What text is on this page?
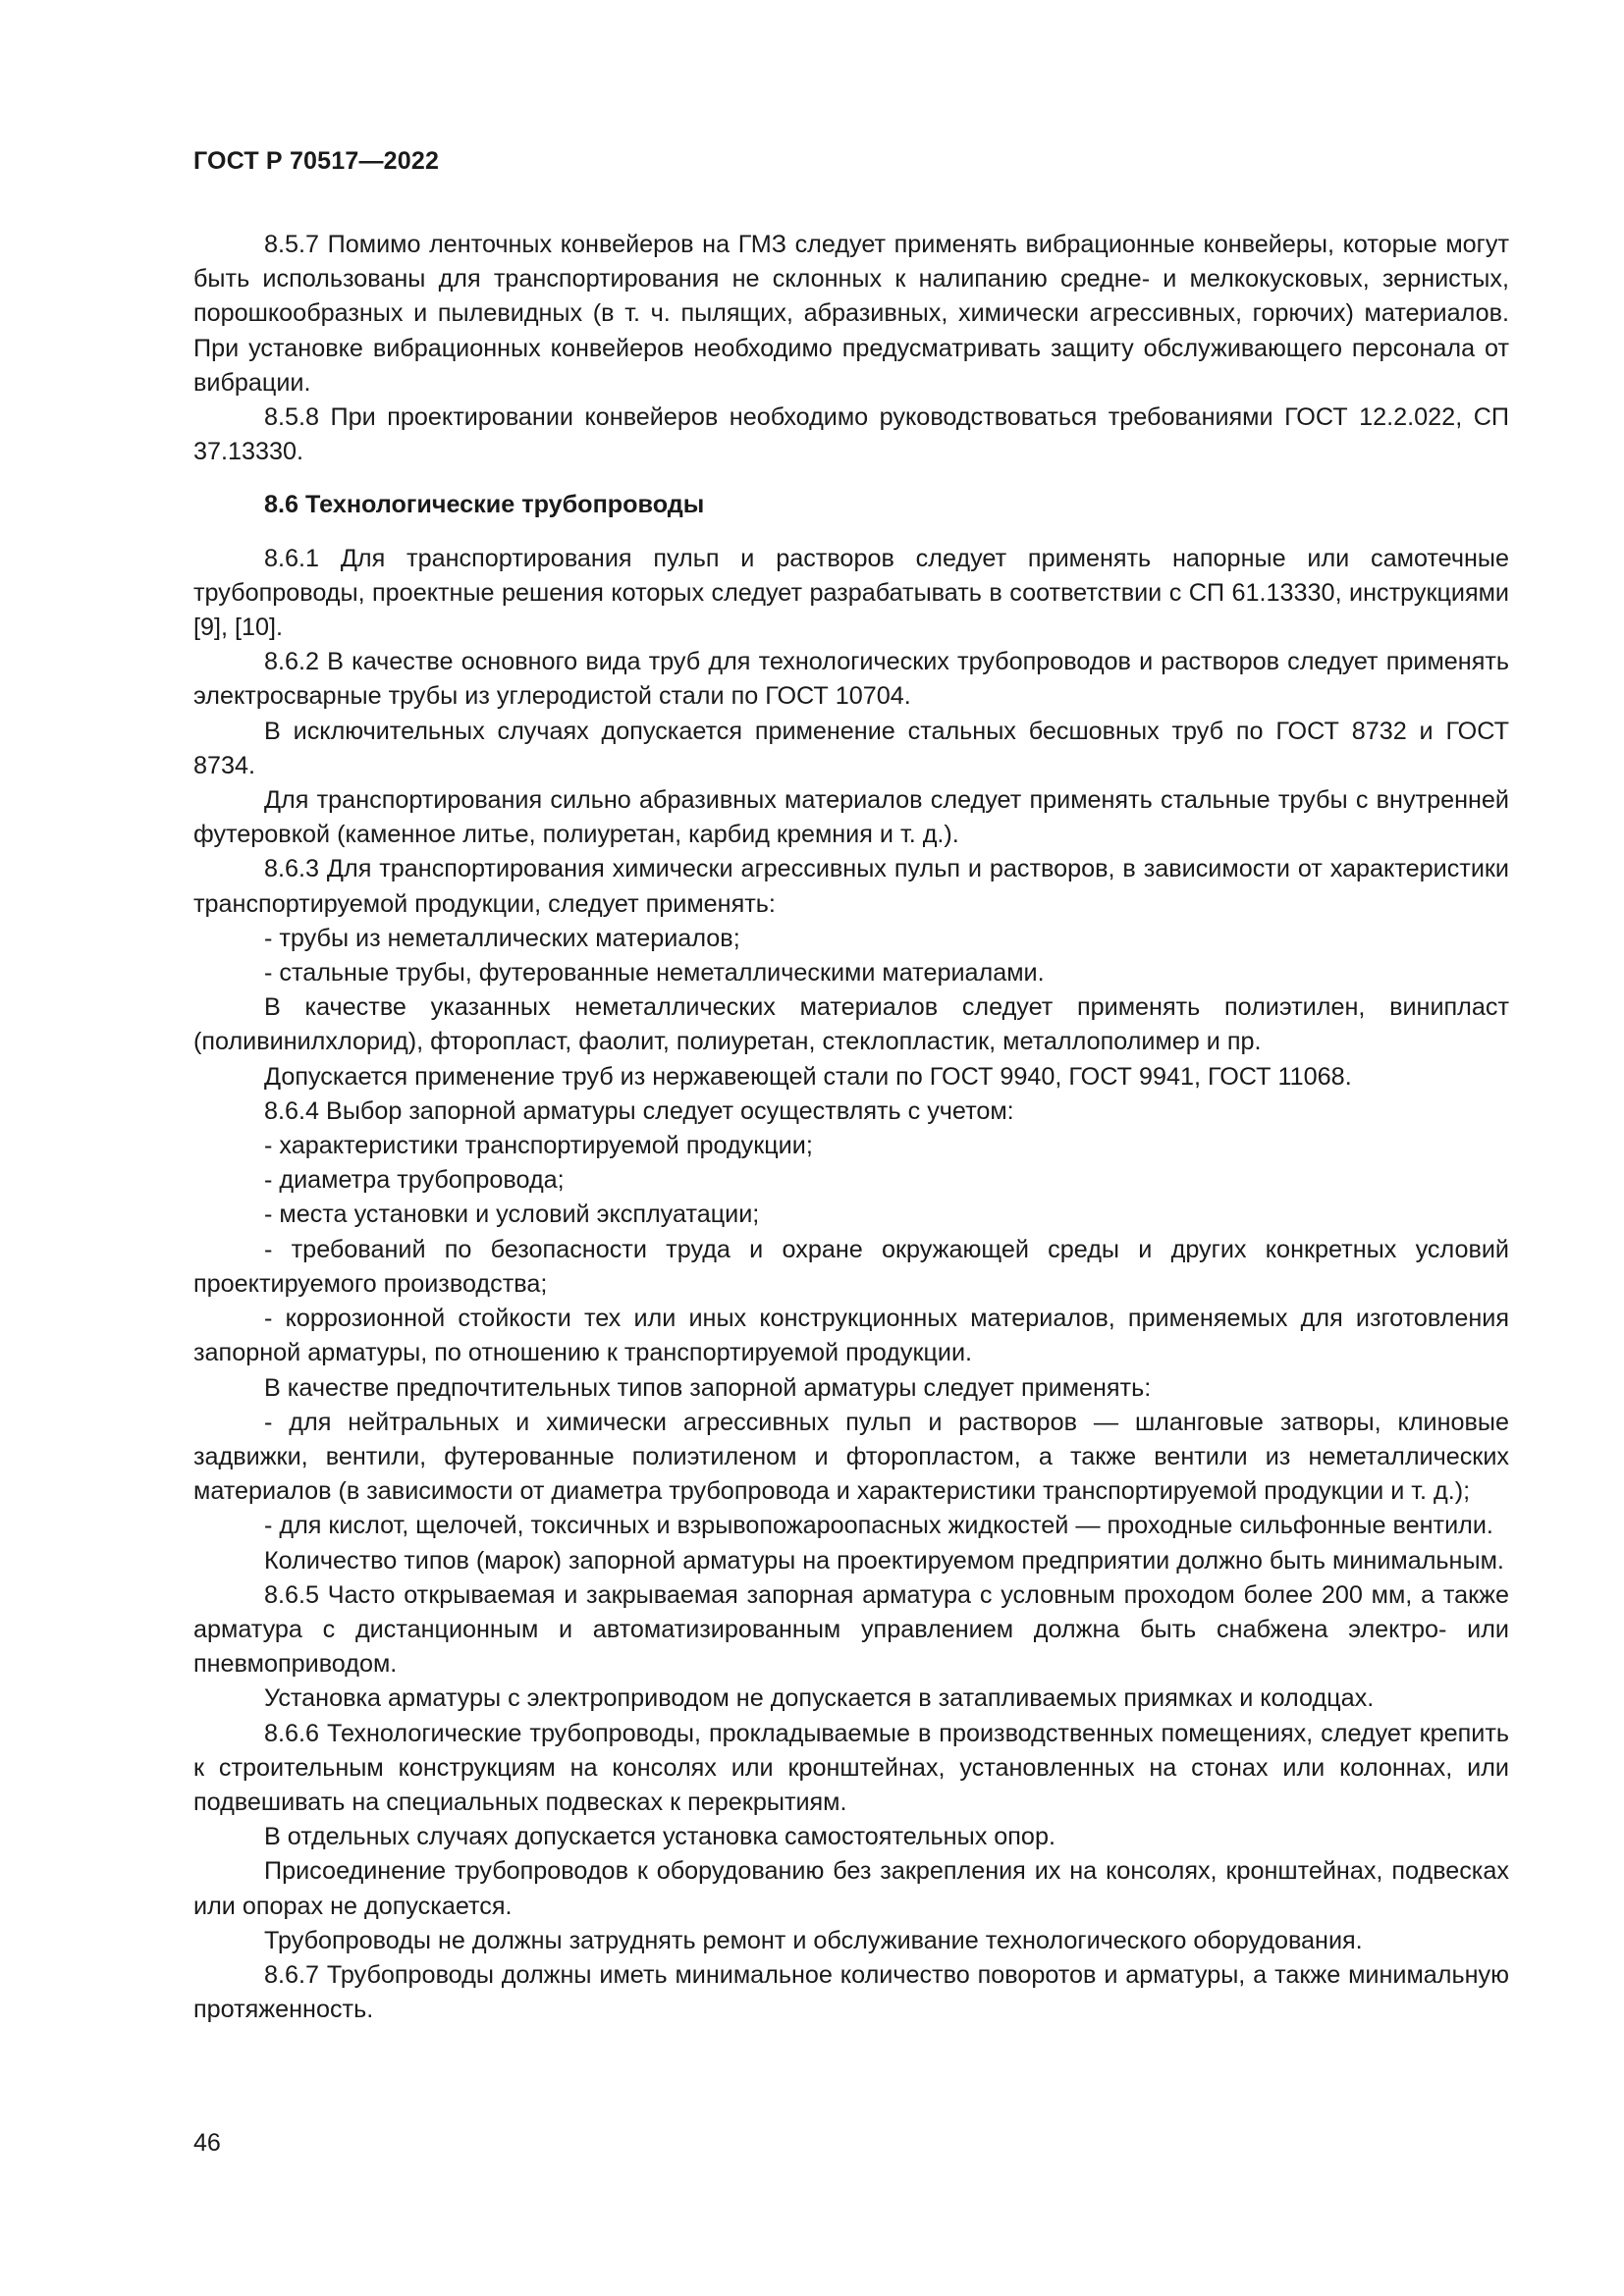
ГОСТ Р 70517—2022

8.5.7 Помимо ленточных конвейеров на ГМЗ следует применять вибрационные конвейеры, которые могут быть использованы для транспортирования не склонных к налипанию средне- и мелкокусковых, зернистых, порошкообразных и пылевидных (в т. ч. пылящих, абразивных, химически агрессивных, горючих) материалов. При установке вибрационных конвейеров необходимо предусматривать защиту обслуживающего персонала от вибрации.

8.5.8 При проектировании конвейеров необходимо руководствоваться требованиями ГОСТ 12.2.022, СП 37.13330.

8.6 Технологические трубопроводы

8.6.1 Для транспортирования пульп и растворов следует применять напорные или самотечные трубопроводы, проектные решения которых следует разрабатывать в соответствии с СП 61.13330, инструкциями [9], [10].

8.6.2 В качестве основного вида труб для технологических трубопроводов и растворов следует применять электросварные трубы из углеродистой стали по ГОСТ 10704.

В исключительных случаях допускается применение стальных бесшовных труб по ГОСТ 8732 и ГОСТ 8734.

Для транспортирования сильно абразивных материалов следует применять стальные трубы с внутренней футеровкой (каменное литье, полиуретан, карбид кремния и т. д.).

8.6.3 Для транспортирования химически агрессивных пульп и растворов, в зависимости от характеристики транспортируемой продукции, следует применять:

- трубы из неметаллических материалов;

- стальные трубы, футерованные неметаллическими материалами.

В качестве указанных неметаллических материалов следует применять полиэтилен, винипласт (поливинилхлорид), фторопласт, фаолит, полиуретан, стеклопластик, металлополимер и пр.

Допускается применение труб из нержавеющей стали по ГОСТ 9940, ГОСТ 9941, ГОСТ 11068.

8.6.4 Выбор запорной арматуры следует осуществлять с учетом:

- характеристики транспортируемой продукции;

- диаметра трубопровода;

- места установки и условий эксплуатации;

- требований по безопасности труда и охране окружающей среды и других конкретных условий проектируемого производства;

- коррозионной стойкости тех или иных конструкционных материалов, применяемых для изготовления запорной арматуры, по отношению к транспортируемой продукции.

В качестве предпочтительных типов запорной арматуры следует применять:

- для нейтральных и химически агрессивных пульп и растворов — шланговые затворы, клиновые задвижки, вентили, футерованные полиэтиленом и фторопластом, а также вентили из неметаллических материалов (в зависимости от диаметра трубопровода и характеристики транспортируемой продукции и т. д.);

- для кислот, щелочей, токсичных и взрывопожароопасных жидкостей — проходные сильфонные вентили.

Количество типов (марок) запорной арматуры на проектируемом предприятии должно быть минимальным.

8.6.5 Часто открываемая и закрываемая запорная арматура с условным проходом более 200 мм, а также арматура с дистанционным и автоматизированным управлением должна быть снабжена электро- или пневмоприводом.

Установка арматуры с электроприводом не допускается в затапливаемых приямках и колодцах.

8.6.6 Технологические трубопроводы, прокладываемые в производственных помещениях, следует крепить к строительным конструкциям на консолях или кронштейнах, установленных на стонах или колоннах, или подвешивать на специальных подвесках к перекрытиям.

В отдельных случаях допускается установка самостоятельных опор.

Присоединение трубопроводов к оборудованию без закрепления их на консолях, кронштейнах, подвесках или опорах не допускается.

Трубопроводы не должны затруднять ремонт и обслуживание технологического оборудования.

8.6.7 Трубопроводы должны иметь минимальное количество поворотов и арматуры, а также минимальную протяженность.

46
